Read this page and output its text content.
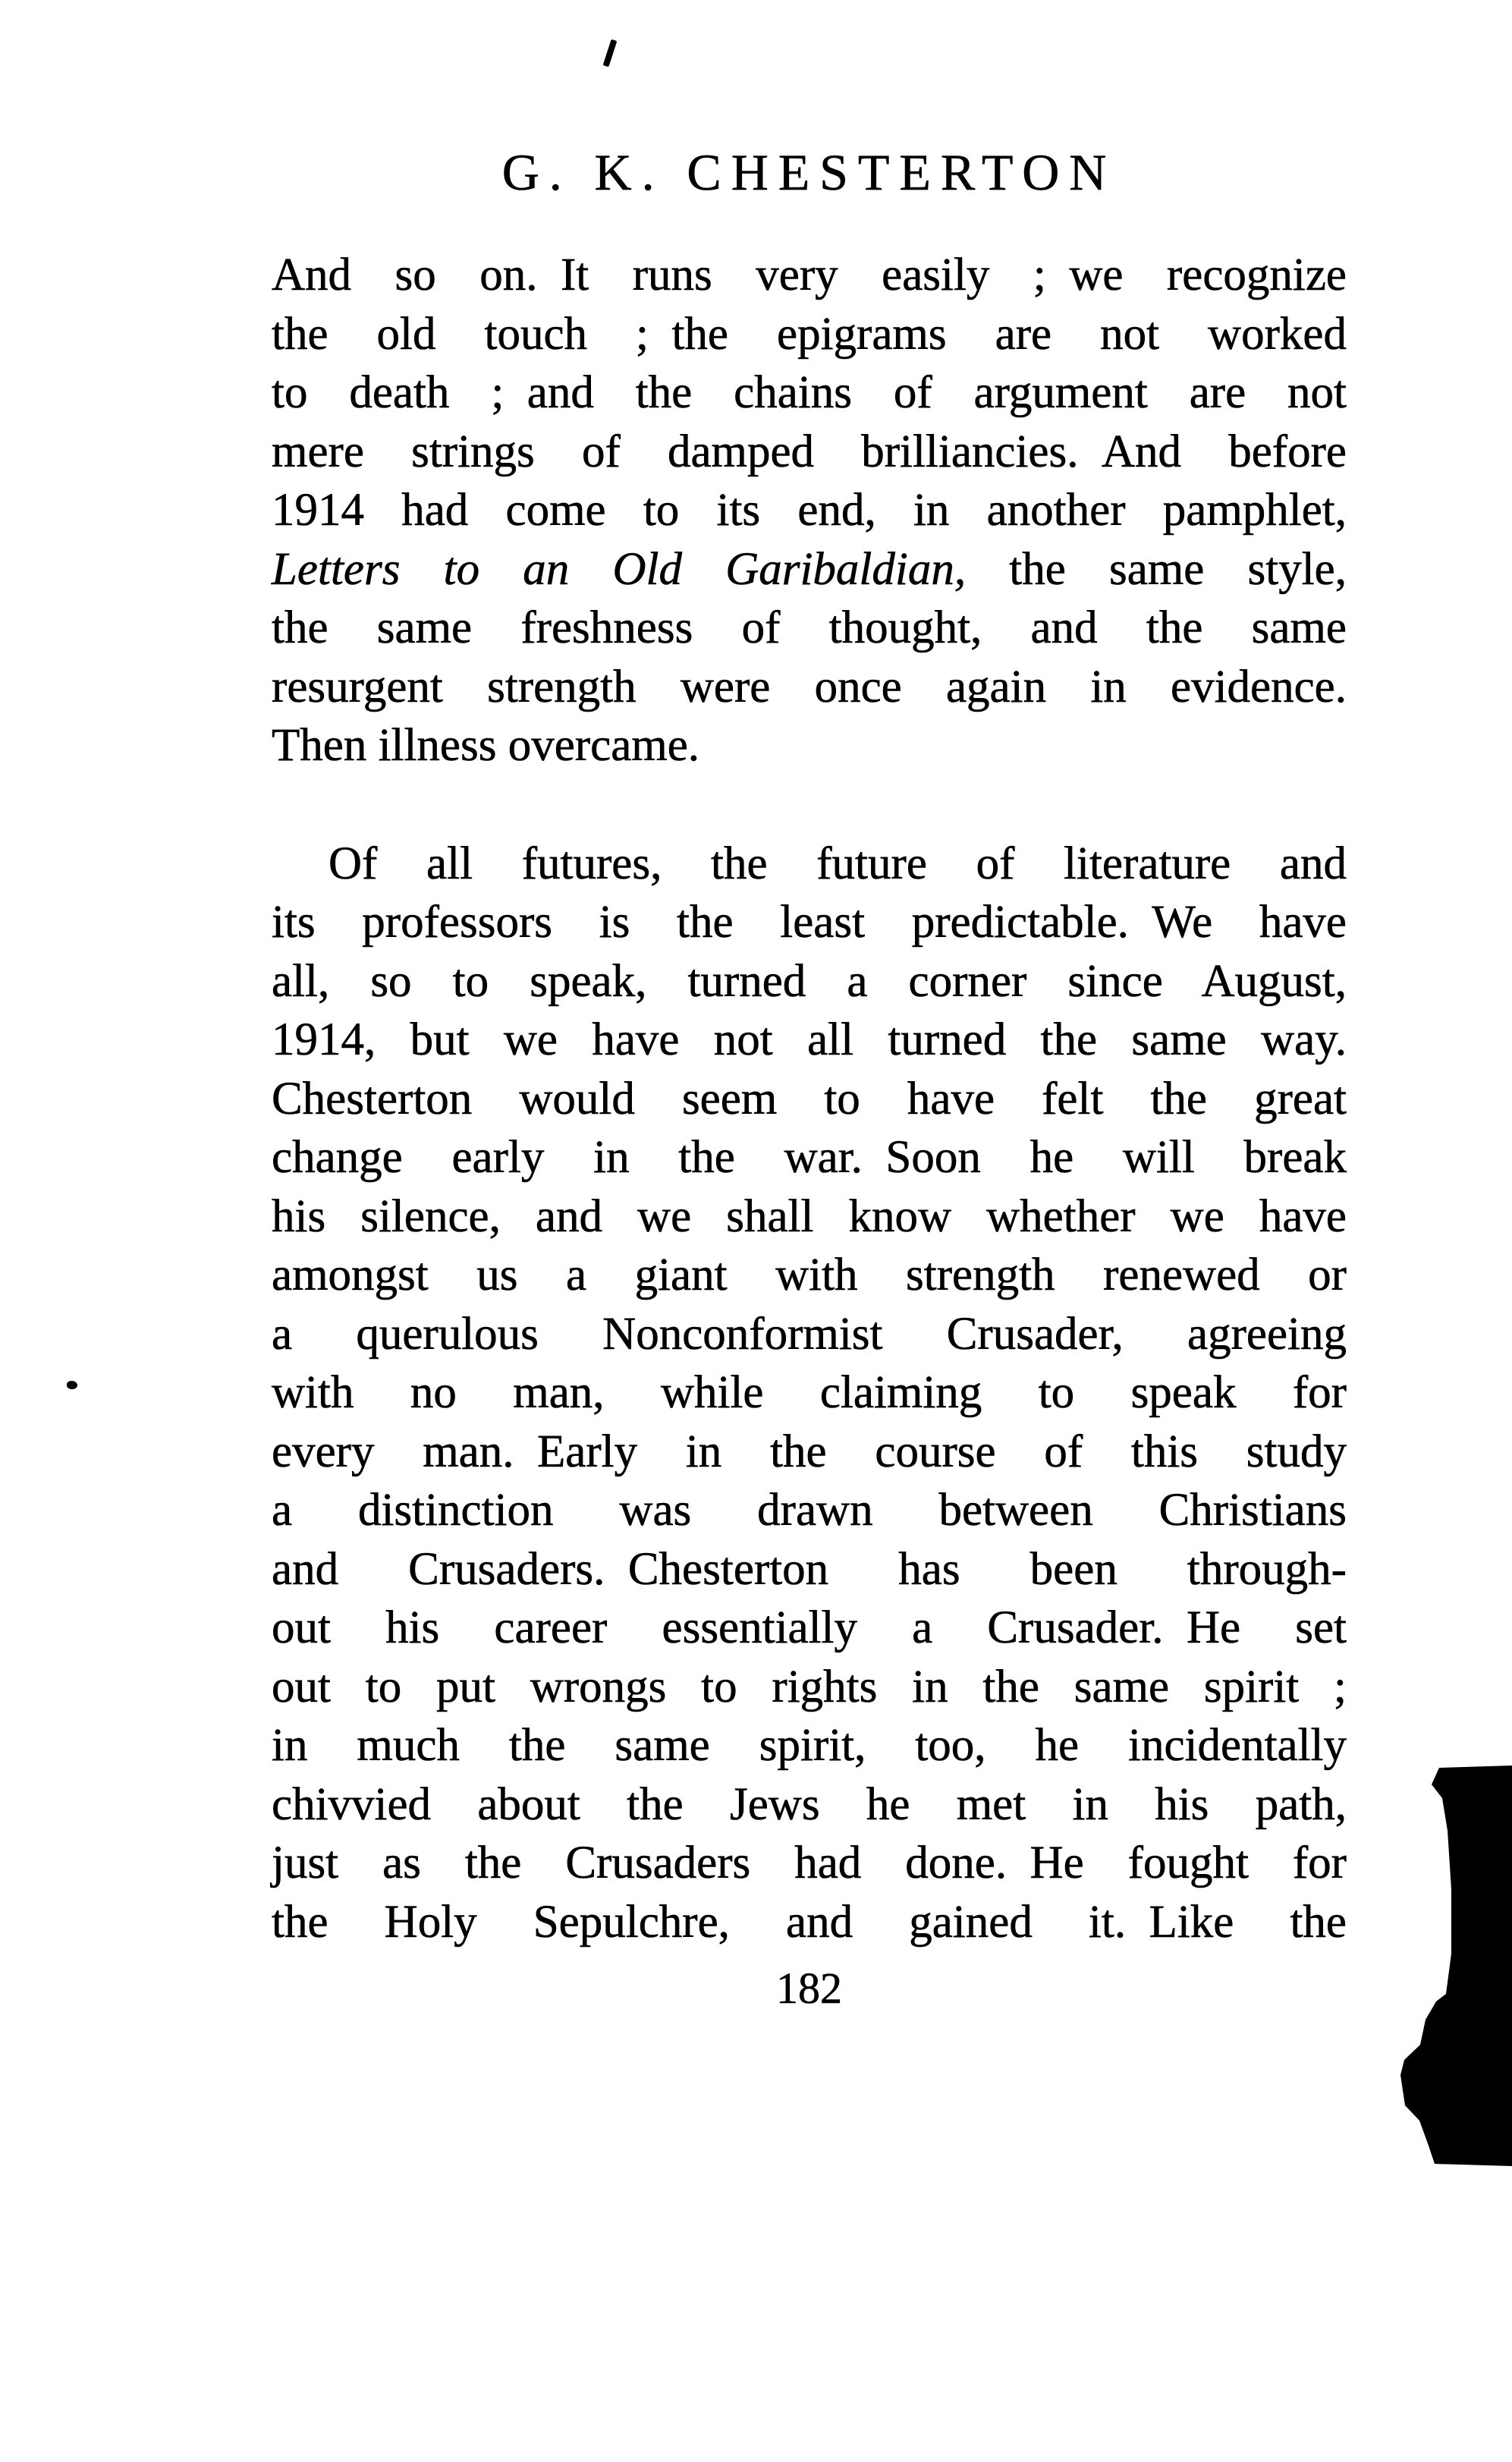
G. K. CHESTERTON
And so on. It runs very easily ; we recognize
the old touch ; the epigrams are not worked
to death ; and the chains of argument are not
mere strings of damped brilliancies. And before
1914 had come to its end, in another pamphlet,
Letters to an Old Garibaldian, the same style,
the same freshness of thought, and the same
resurgent strength were once again in evidence.
Then illness overcame.
Of all futures, the future of literature and
its professors is the least predictable. We have
all, so to speak, turned a corner since August,
1914, but we have not all turned the same way.
Chesterton would seem to have felt the great
change early in the war. Soon he will break
his silence, and we shall know whether we have
amongst us a giant with strength renewed or
a querulous Nonconformist Crusader, agreeing
with no man, while claiming to speak for
every man. Early in the course of this study
a distinction was drawn between Christians
and Crusaders. Chesterton has been through-
out his career essentially a Crusader. He set
out to put wrongs to rights in the same spirit ;
in much the same spirit, too, he incidentally
chivvied about the Jews he met in his path,
just as the Crusaders had done. He fought for
the Holy Sepulchre, and gained it. Like the
182
